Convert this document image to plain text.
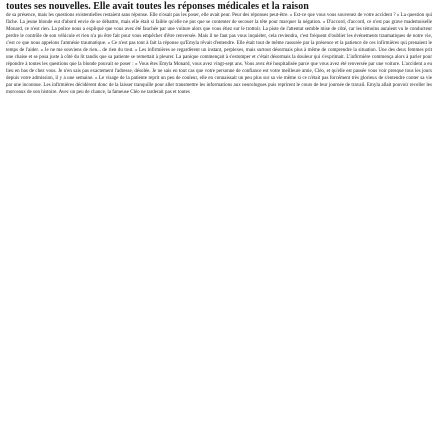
toutes ses nouvelles. Elle avait toutes les réponses médicales et la raison

de sa présence, mais les questions existentielles restaient sans réponse. Elle n'osait pas les poser, elle avait peur. Peur des réponses peut-être. « Est-ce que vous vous souvenez de votre accident ? » La question qui fâche. La jeune blonde eut d'abord envie de se débattre, mais elle était si faible qu'elle ne put que se contenter de secouer la tête pour marquer la négation. « D'accord, d'accord, ce n'est pas grave mademoiselle Monard, ce n'est rien. La police nous a expliqué que vous avez été fauchée par une voiture alors que vous étiez sur le trottoir. La piste de l'attentat semble mise de côté, car les témoins auraient vu le conducteur perdre le contrôle de son véhicule et rien n'a pu être fait pour vous empêcher d'être renversée. Mais il ne faut pas vous inquiéter, cela reviendra, c'est fréquent d'oublier les événements traumatiques de notre vie, c'est ce que nous appelons l'amnésie traumatique. » Ce n'est pas tout à fait la réponse qu'Emyla rêvait d'entendre. Elle était tout de même rassurée par la présence et la patience de ces infirmières qui prenaient le temps de l'aider. « Je ne me souviens de rien... de rien du tout. » Les infirmières se regardèrent un instant, perplexes, mais surtout désormais plus à même de comprendre la situation. Une des deux femmes prit une chaise et se posa juste à côté du lit tandis que sa patiente se remettait à pleurer. La panique commençait à s'estomper et c'était désormais la douleur qui s'exprimait. L'infirmière commença alors à parler pour répondre à toutes les questions que la blonde pouvait se poser : « Vous êtes Emyla Monard, vous avez vingt-sept ans. Vous avez été hospitalisée parce que vous avez été renversée par une voiture. L'accident a eu lieu en bas de chez vous. Je n'en sais pas exactement l'adresse, désolée. Je ne sais en tout cas que votre personne de confiance est votre meilleure amie, Cléo, et qu'elle est passée vous voir presque tous les jours depuis votre admission, il y a une semaine. » Le visage de la patiente reprit un peu de couleur, elle en connaissait un peu plus sur sa vie même si ce n'était pas forcément très glorieux de s'entendre conter sa vie par une inconnue. Les infirmières décidèrent donc de la laisser tranquille pour aller transmettre les informations aux neurologues puis reprirent le cours de leur journée de travail. Emyla allait pouvoir recoller les morceaux de son histoire. Avec un peu de chance, la fameuse Cléo ne tarderait pas et toutes
